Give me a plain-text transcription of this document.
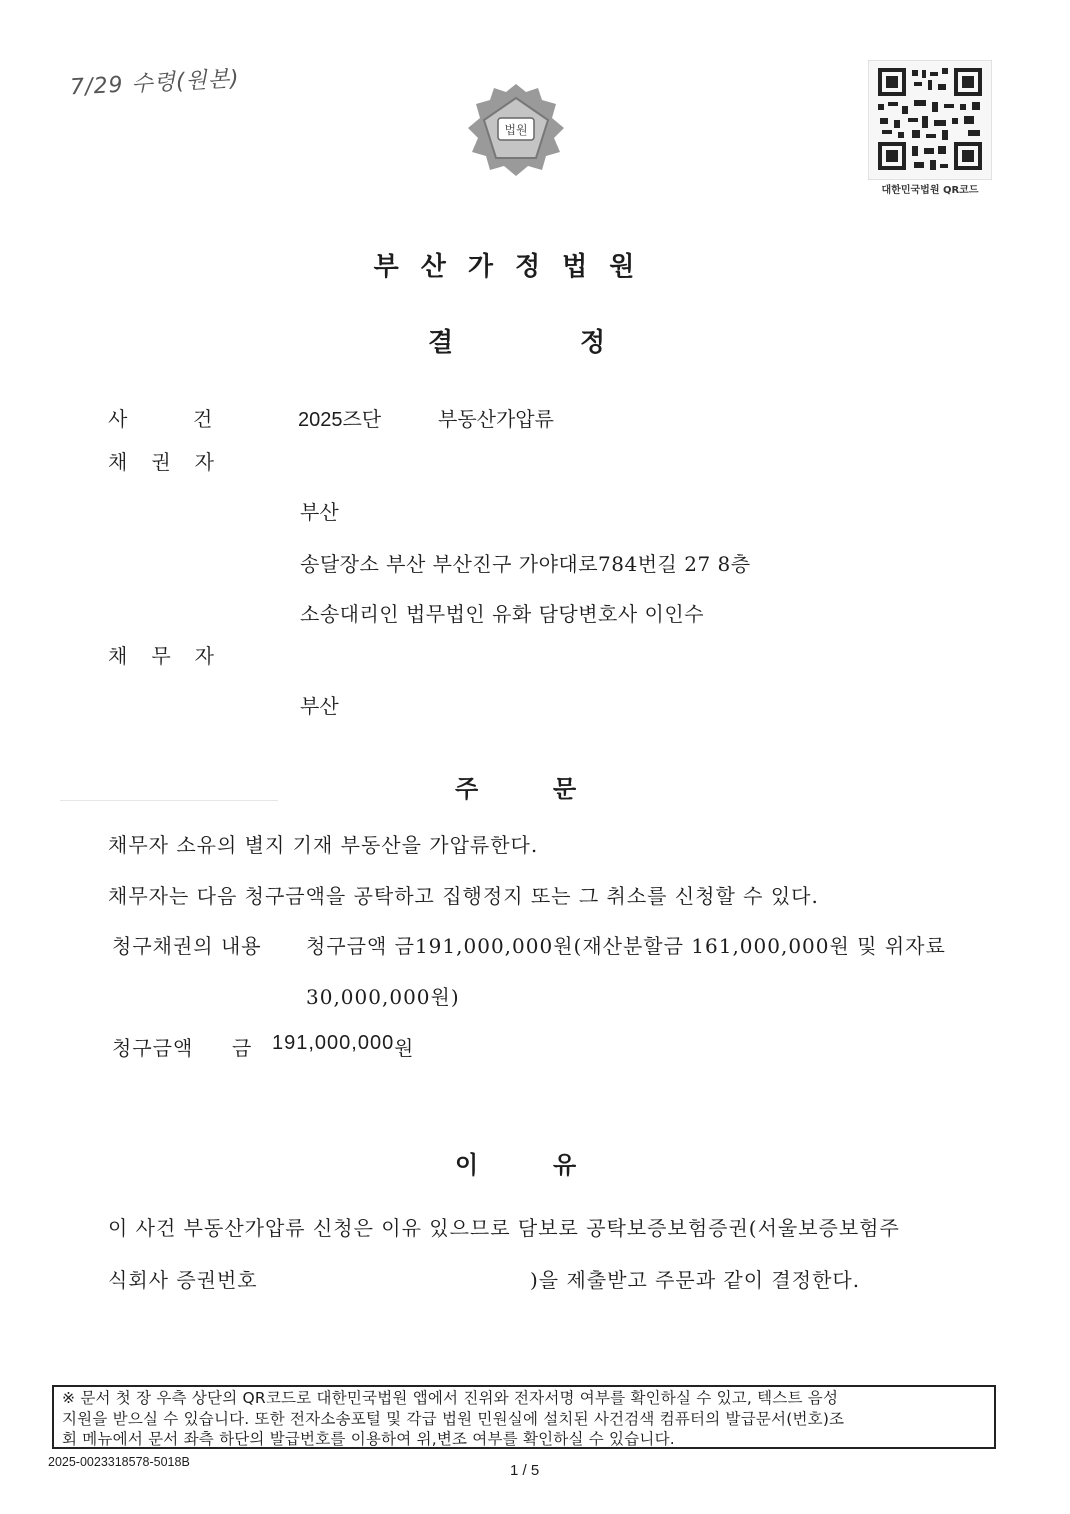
7/29 수령(원본)
법원
대한민국법원 QR코드
부산가정법원
결	정
사	건	2025즈단	부동산가압류
채권자
부산
송달장소 부산 부산진구 가야대로784번길 27 8층
소송대리인 법무법인 유화 담당변호사 이인수
채무자
부산
주	문
채무자 소유의 별지 기재 부동산을 가압류한다.
채무자는 다음 청구금액을 공탁하고 집행정지 또는 그 취소를 신청할 수 있다.
청구채권의 내용 청구금액 금191,000,000원(재산분할금 161,000,000원 및 위자료
30,000,000원)
청구금액 금 191,000,000 원
이	유
이 사건 부동산가압류 신청은 이유 있으므로 담보로 공탁보증보험증권(서울보증보험주
식회사 증권번호	)을 제출받고 주문과 같이 결정한다.
※ 문서 첫 장 우측 상단의 QR코드로 대한민국법원 앱에서 진위와 전자서명 여부를 확인하실 수 있고, 텍스트 음성
지원을 받으실 수 있습니다. 또한 전자소송포털 및 각급 법원 민원실에 설치된 사건검색 컴퓨터의 발급문서(번호)조
회 메뉴에서 문서 좌측 하단의 발급번호를 이용하여 위,변조 여부를 확인하실 수 있습니다.
2025-0023318578-5018B	1 / 5
